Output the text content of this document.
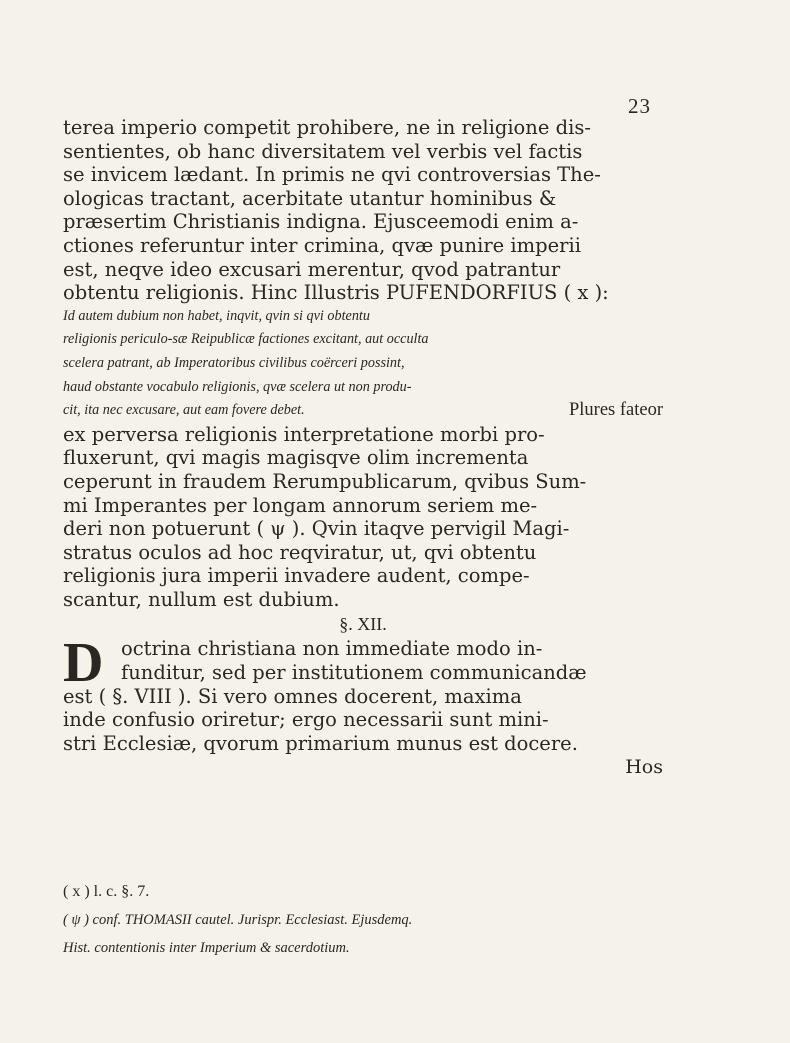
23
terea imperio competit prohibere, ne in religione dis-
sentientes, ob hanc diversitatem vel verbis vel factis
se invicem lædant. In primis ne qvi controversias The-
ologicas tractant, acerbitate utantur hominibus &
præsertim Christianis indigna. Ejusceemodi enim a-
ctiones referuntur inter crimina, qvæ punire imperii
est, neqve ideo excusari merentur, qvod patrantur
obtentu religionis. Hinc Illustris PUFENDORFIUS ( x ):
Id autem dubium non habet, inqvit, qvin si qvi obtentu
religionis periculo-sæ Reipublicæ factiones excitant, aut occulta
scelera patrant, ab Imperatoribus civilibus coërceri possint,
haud obstante vocabulo religionis, qvæ scelera ut non produ-
cit, ita nec excusare, aut eam fovere debet.	Plures fateor
ex perversa religionis interpretatione morbi pro-
fluxerunt, qvi magis magisqve olim incrementa
ceperunt in fraudem Rerumpublicarum, qvibus Sum-
mi Imperantes per longam annorum seriem me-
deri non potuerunt ( ψ ). Qvin itaqve pervigil Magi-
stratus oculos ad hoc reqviratur, ut, qvi obtentu
religionis jura imperii invadere audent, compe-
scantur, nullum est dubium.
§. XII.
D octrina christiana non immediate modo in-
funditur, sed per institutionem communicandæ
est ( §. VIII ). Si vero omnes docerent, maxima
inde confusio oriretur; ergo necessarii sunt mini-
stri Ecclesiæ, qvorum primarium munus est docere.
Hos
( x ) l. c. §. 7.
( ψ ) conf. THOMASII cautel. Jurispr. Ecclesiast. Ejusdemq.
Hist. contentionis inter Imperium & sacerdotium.
